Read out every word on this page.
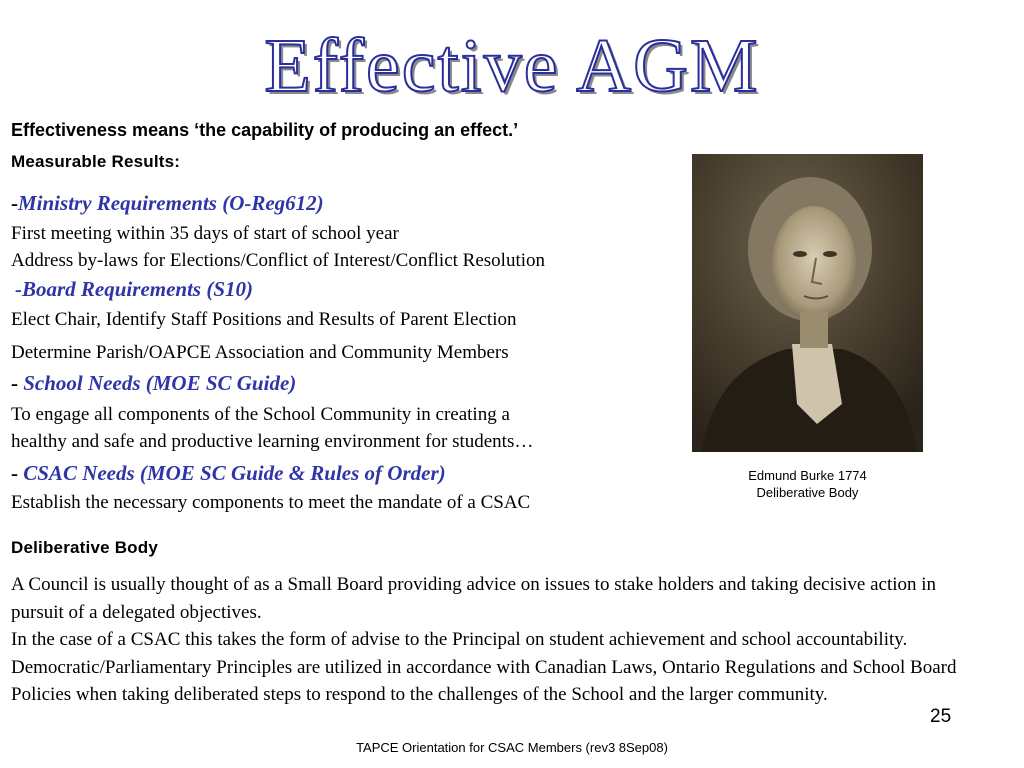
Effective AGM
Effectiveness means ‘the capability of producing an effect.’
Measurable Results:
-Ministry Requirements (O-Reg612)
First meeting within 35 days of start of school year
Address by-laws for Elections/Conflict of Interest/Conflict Resolution
-Board Requirements (S10)
Elect Chair, Identify Staff Positions and Results of Parent Election
Determine Parish/OAPCE Association and Community Members
- School Needs (MOE SC Guide)
To engage all components of the School Community in creating a
healthy and safe and productive learning environment for students…
- CSAC Needs (MOE SC Guide & Rules of Order)
Establish the necessary components to meet the mandate of a CSAC
Edmund Burke 1774
Deliberative Body
Deliberative Body
A Council is usually thought of as a Small Board providing advice on issues to stake holders and taking decisive action in pursuit of a delegated objectives.
In the case of a CSAC this takes the form of advise to the Principal on student achievement and school accountability. Democratic/Parliamentary Principles are utilized in accordance with Canadian Laws, Ontario Regulations and School Board Policies when taking deliberated steps to respond to the challenges of the School and the larger community.
25
TAPCE Orientation for CSAC Members (rev3 8Sep08)
